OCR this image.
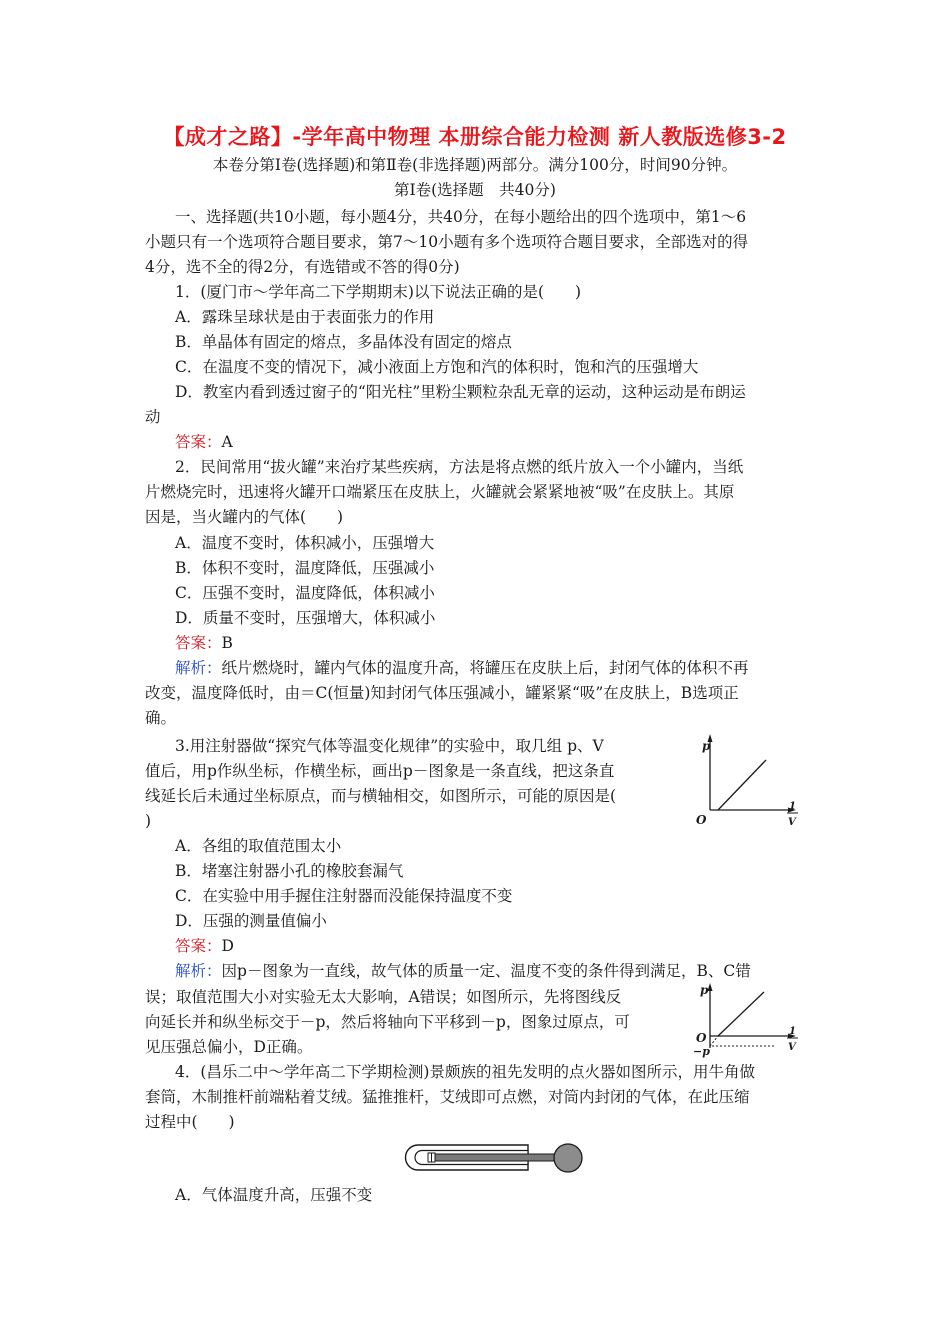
【成才之路】-学年高中物理 本册综合能力检测 新人教版选修3-2
本卷分第Ⅰ卷(选择题)和第Ⅱ卷(非选择题)两部分。满分100分，时间90分钟。
第Ⅰ卷(选择题　共40分)
一、选择题(共10小题，每小题4分，共40分，在每小题给出的四个选项中，第1～6
小题只有一个选项符合题目要求，第7～10小题有多个选项符合题目要求，全部选对的得
4分，选不全的得2分，有选错或不答的得0分)
1．(厦门市～学年高二下学期期末)以下说法正确的是(　　)
A．露珠呈球状是由于表面张力的作用
B．单晶体有固定的熔点，多晶体没有固定的熔点
C．在温度不变的情况下，减小液面上方饱和汽的体积时，饱和汽的压强增大
D．教室内看到透过窗子的“阳光柱”里粉尘颗粒杂乱无章的运动，这种运动是布朗运
动
答案：A
2．民间常用“拔火罐”来治疗某些疾病，方法是将点燃的纸片放入一个小罐内，当纸
片燃烧完时，迅速将火罐开口端紧压在皮肤上，火罐就会紧紧地被“吸”在皮肤上。其原
因是，当火罐内的气体(　　)
A．温度不变时，体积减小，压强增大
B．体积不变时，温度降低，压强减小
C．压强不变时，温度降低，体积减小
D．质量不变时，压强增大，体积减小
答案：B
解析：纸片燃烧时，罐内气体的温度升高，将罐压在皮肤上后，封闭气体的体积不再
改变，温度降低时，由＝C(恒量)知封闭气体压强减小，罐紧紧“吸”在皮肤上，B选项正
确。
3.用注射器做“探究气体等温变化规律”的实验中，取几组 p、V
值后，用p作纵坐标，作横坐标，画出p－图象是一条直线，把这条直
线延长后未通过坐标原点，而与横轴相交，如图所示，可能的原因是(
)
p
O
1
V
A．各组的取值范围太小
B．堵塞注射器小孔的橡胶套漏气
C．在实验中用手握住注射器而没能保持温度不变
D．压强的测量值偏小
答案：D
解析：因p－图象为一直线，故气体的质量一定、温度不变的条件得到满足，B、C错
误；取值范围大小对实验无太大影响，A错误；如图所示，先将图线反
向延长并和纵坐标交于－p，然后将轴向下平移到－p，图象过原点，可
见压强总偏小，D正确。
p
O
−p
1
V
4．(昌乐二中～学年高二下学期检测)景颇族的祖先发明的点火器如图所示，用牛角做
套筒，木制推杆前端粘着艾绒。猛推推杆，艾绒即可点燃，对筒内封闭的气体，在此压缩
过程中(　　)
A．气体温度升高，压强不变
